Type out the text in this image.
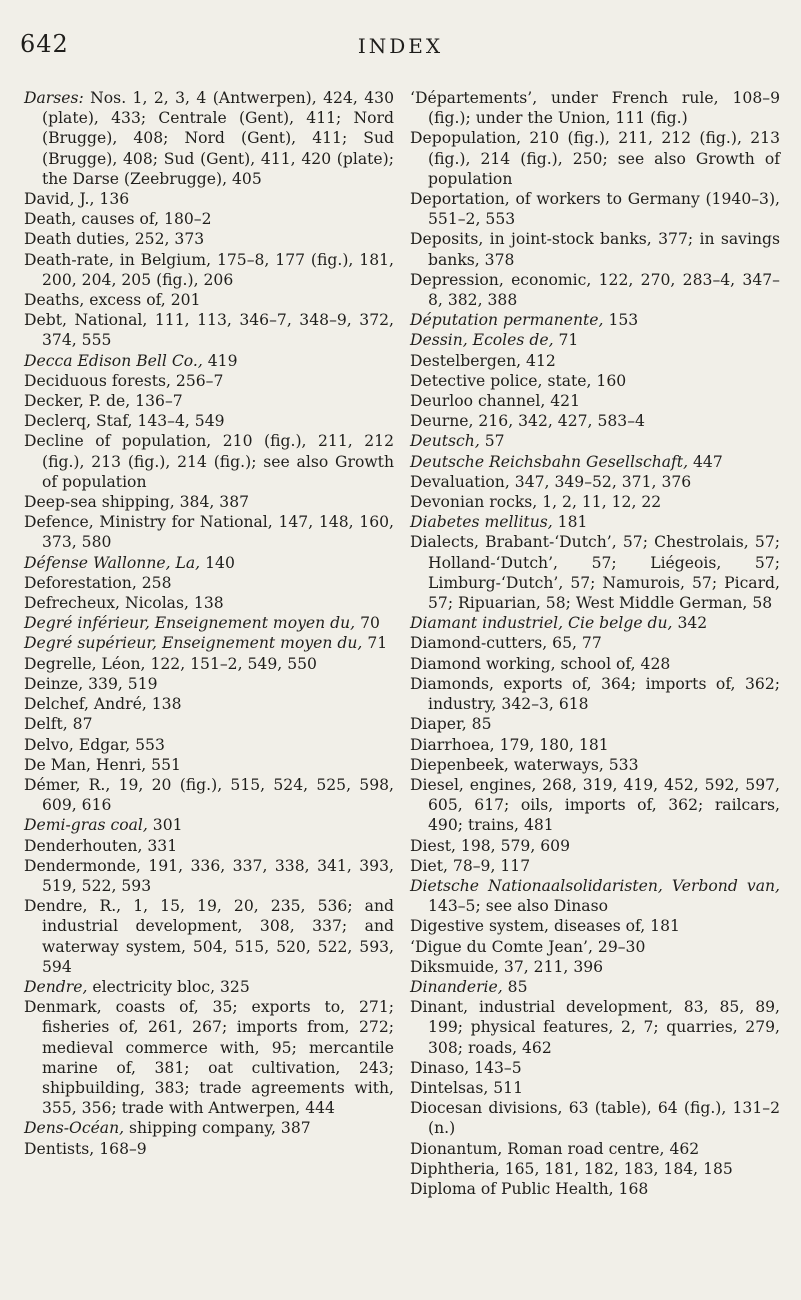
642	INDEX
Darses: Nos. 1, 2, 3, 4 (Antwerpen), 424, 430 (plate), 433; Centrale (Gent), 411; Nord (Brugge), 408; Nord (Gent), 411; Sud (Brugge), 408; Sud (Gent), 411, 420 (plate); the Darse (Zeebrugge), 405
David, J., 136
Death, causes of, 180–2
Death duties, 252, 373
Death-rate, in Belgium, 175–8, 177 (fig.), 181, 200, 204, 205 (fig.), 206
Deaths, excess of, 201
Debt, National, 111, 113, 346–7, 348–9, 372, 374, 555
Decca Edison Bell Co., 419
Deciduous forests, 256–7
Decker, P. de, 136–7
Declerq, Staf, 143–4, 549
Decline of population, 210 (fig.), 211, 212 (fig.), 213 (fig.), 214 (fig.); see also Growth of population
Deep-sea shipping, 384, 387
Defence, Ministry for National, 147, 148, 160, 373, 580
Défense Wallonne, La, 140
Deforestation, 258
Defrecheux, Nicolas, 138
Degré inférieur, Enseignement moyen du, 70
Degré supérieur, Enseignement moyen du, 71
Degrelle, Léon, 122, 151–2, 549, 550
Deinze, 339, 519
Delchef, André, 138
Delft, 87
Delvo, Edgar, 553
De Man, Henri, 551
Démer, R., 19, 20 (fig.), 515, 524, 525, 598, 609, 616
Demi-gras coal, 301
Denderhouten, 331
Dendermonde, 191, 336, 337, 338, 341, 393, 519, 522, 593
Dendre, R., 1, 15, 19, 20, 235, 536; and industrial development, 308, 337; and waterway system, 504, 515, 520, 522, 593, 594
Dendre, electricity bloc, 325
Denmark, coasts of, 35; exports to, 271; fisheries of, 261, 267; imports from, 272; medieval commerce with, 95; mercantile marine of, 381; oat cultivation, 243; shipbuilding, 383; trade agreements with, 355, 356; trade with Antwerpen, 444
Dens-Océan, shipping company, 387
Dentists, 168–9
‘Départements’, under French rule, 108–9 (fig.); under the Union, 111 (fig.)
Depopulation, 210 (fig.), 211, 212 (fig.), 213 (fig.), 214 (fig.), 250; see also Growth of population
Deportation, of workers to Germany (1940–3), 551–2, 553
Deposits, in joint-stock banks, 377; in savings banks, 378
Depression, economic, 122, 270, 283–4, 347–8, 382, 388
Députation permanente, 153
Dessin, Ecoles de, 71
Destelbergen, 412
Detective police, state, 160
Deurloo channel, 421
Deurne, 216, 342, 427, 583–4
Deutsch, 57
Deutsche Reichsbahn Gesellschaft, 447
Devaluation, 347, 349–52, 371, 376
Devonian rocks, 1, 2, 11, 12, 22
Diabetes mellitus, 181
Dialects, Brabant-‘Dutch’, 57; Chestrolais, 57; Holland-‘Dutch’, 57; Liégeois, 57; Limburg-‘Dutch’, 57; Namurois, 57; Picard, 57; Ripuarian, 58; West Middle German, 58
Diamant industriel, Cie belge du, 342
Diamond-cutters, 65, 77
Diamond working, school of, 428
Diamonds, exports of, 364; imports of, 362; industry, 342–3, 618
Diaper, 85
Diarrhoea, 179, 180, 181
Diepenbeek, waterways, 533
Diesel, engines, 268, 319, 419, 452, 592, 597, 605, 617; oils, imports of, 362; railcars, 490; trains, 481
Diest, 198, 579, 609
Diet, 78–9, 117
Dietsche Nationaalsolidaristen, Verbond van, 143–5; see also Dinaso
Digestive system, diseases of, 181
‘Digue du Comte Jean’, 29–30
Diksmuide, 37, 211, 396
Dinanderie, 85
Dinant, industrial development, 83, 85, 89, 199; physical features, 2, 7; quarries, 279, 308; roads, 462
Dinaso, 143–5
Dintelsas, 511
Diocesan divisions, 63 (table), 64 (fig.), 131–2 (n.)
Dionantum, Roman road centre, 462
Diphtheria, 165, 181, 182, 183, 184, 185
Diploma of Public Health, 168
